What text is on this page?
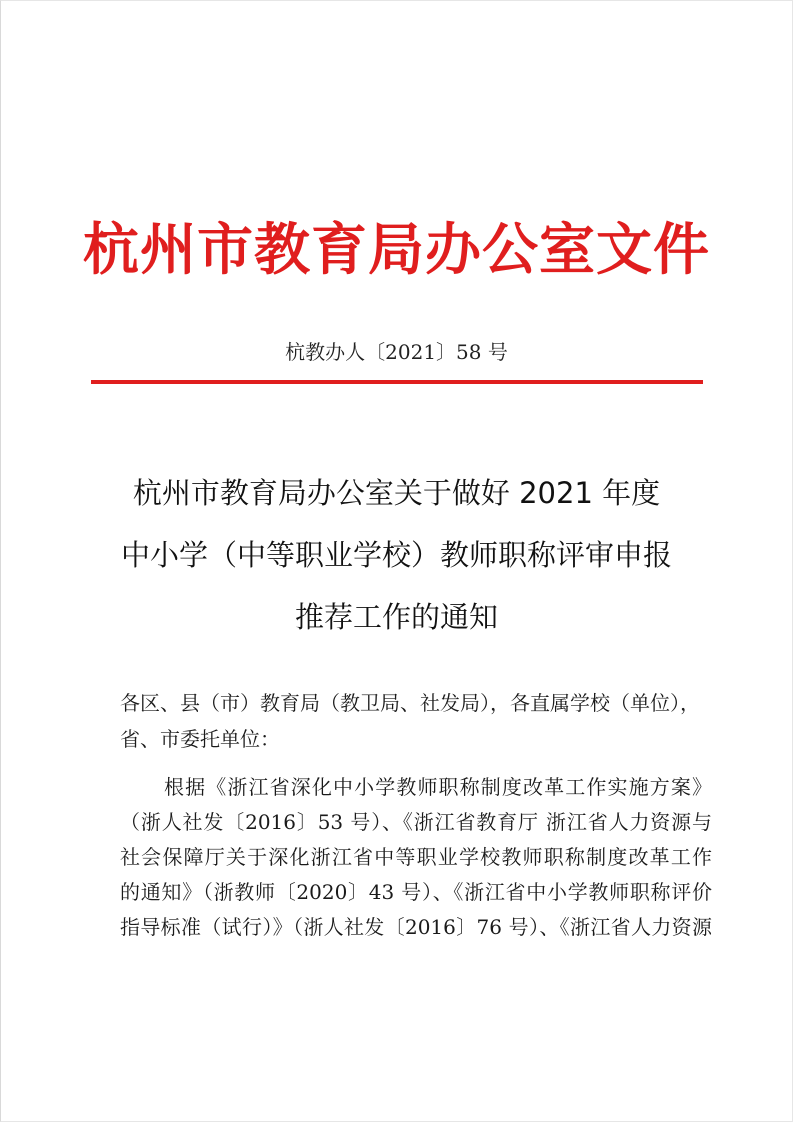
杭州市教育局办公室文件
杭教办人〔2021〕58 号
杭州市教育局办公室关于做好 2021 年度
中小学（中等职业学校）教师职称评审申报
推荐工作的通知
各区、县（市）教育局（教卫局、社发局），各直属学校（单位），
省、市委托单位：
根据《浙江省深化中小学教师职称制度改革工作实施方案》
（浙人社发〔2016〕53 号）、《浙江省教育厅 浙江省人力资源与
社会保障厅关于深化浙江省中等职业学校教师职称制度改革工作
的通知》（浙教师〔2020〕43 号）、《浙江省中小学教师职称评价
指导标准（试行）》（浙人社发〔2016〕76 号）、《浙江省人力资源
